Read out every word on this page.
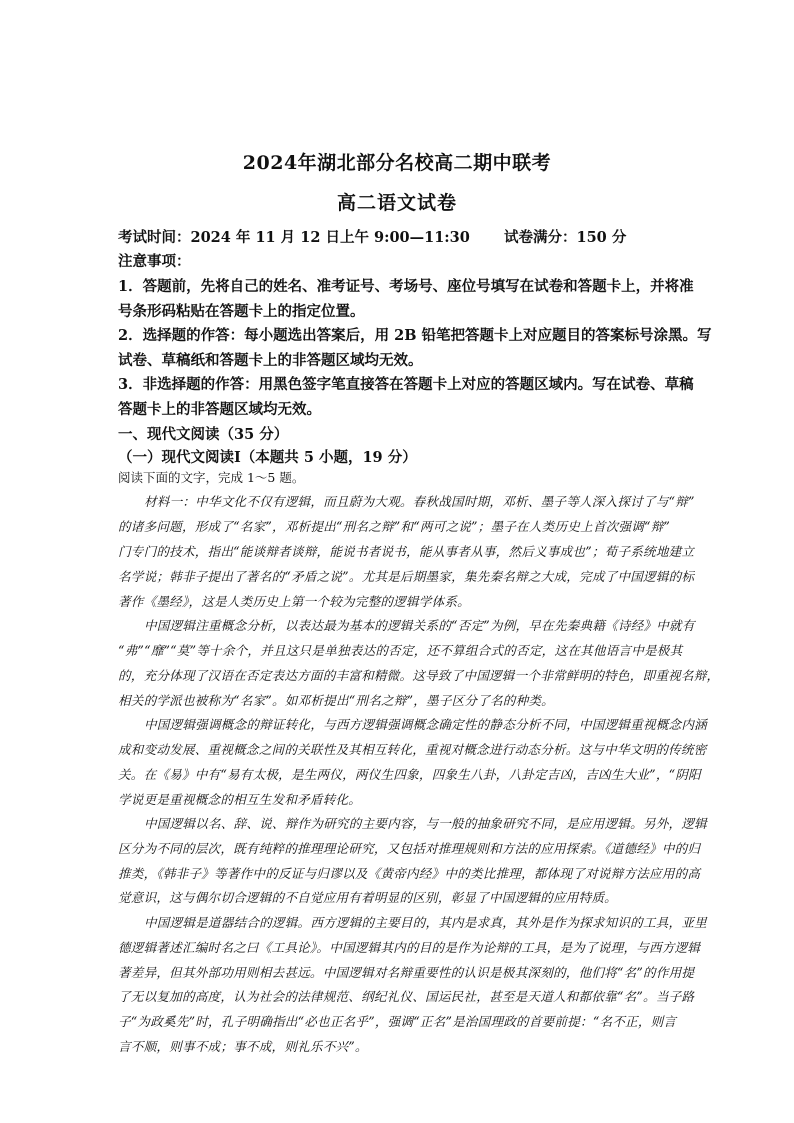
2024年湖北部分名校高二期中联考
高二语文试卷
考试时间：2024 年 11 月 12 日上午 9:00—11:30 试卷满分：150 分
注意事项：
1．答题前，先将自己的姓名、准考证号、考场号、座位号填写在试卷和答题卡上，并将准
号条形码粘贴在答题卡上的指定位置。
2．选择题的作答：每小题选出答案后，用 2B 铅笔把答题卡上对应题目的答案标号涂黑。写
试卷、草稿纸和答题卡上的非答题区域均无效。
3．非选择题的作答：用黑色签字笔直接答在答题卡上对应的答题区域内。写在试卷、草稿
答题卡上的非答题区域均无效。
一、现代文阅读（35 分）
（一）现代文阅读Ⅰ（本题共 5 小题，19 分）
阅读下面的文字，完成 1～5 题。
材料一：中华文化不仅有逻辑，而且蔚为大观。春秋战国时期，邓析、墨子等人深入探讨了与“辩”
的诸多问题，形成了“名家”，邓析提出“刑名之辩”和“两可之说”；墨子在人类历史上首次强调“辩”
门专门的技术，指出“能谈辩者谈辩，能说书者说书，能从事者从事，然后义事成也”；荀子系统地建立
名学说；韩非子提出了著名的“矛盾之说”。尤其是后期墨家，集先秦名辩之大成，完成了中国逻辑的标
著作《墨经》，这是人类历史上第一个较为完整的逻辑学体系。
中国逻辑注重概念分析，以表达最为基本的逻辑关系的“否定”为例，早在先秦典籍《诗经》中就有
“弗”“靡”“莫”等十余个，并且这只是单独表达的否定，还不算组合式的否定，这在其他语言中是极其
的，充分体现了汉语在否定表达方面的丰富和精微。这导致了中国逻辑一个非常鲜明的特色，即重视名辩，
相关的学派也被称为“名家”。如邓析提出“刑名之辩”，墨子区分了名的种类。
中国逻辑强调概念的辩证转化，与西方逻辑强调概念确定性的静态分析不同，中国逻辑重视概念内涵
成和变动发展、重视概念之间的关联性及其相互转化，重视对概念进行动态分析。这与中华文明的传统密
关。在《易》中有“易有太极，是生两仪，两仪生四象，四象生八卦，八卦定吉凶，吉凶生大业”，“阴阳
学说更是重视概念的相互生发和矛盾转化。
中国逻辑以名、辞、说、辩作为研究的主要内容，与一般的抽象研究不同，是应用逻辑。另外，逻辑
区分为不同的层次，既有纯粹的推理理论研究，又包括对推理规则和方法的应用探索。《道德经》中的归
推类，《韩非子》等著作中的反证与归谬以及《黄帝内经》中的类比推理，都体现了对说辩方法应用的高
觉意识，这与偶尔切合逻辑的不自觉应用有着明显的区别，彰显了中国逻辑的应用特质。
中国逻辑是道器结合的逻辑。西方逻辑的主要目的，其内是求真，其外是作为探求知识的工具，亚里
德逻辑著述汇编时名之曰《工具论》。中国逻辑其内的目的是作为论辩的工具，是为了说理，与西方逻辑
著差异，但其外部功用则相去甚远。中国逻辑对名辩重要性的认识是极其深刻的，他们将“名”的作用提
了无以复加的高度，认为社会的法律规范、纲纪礼仪、国运民社，甚至是天道人和都依靠“名”。当子路
子“为政奚先”时，孔子明确指出“必也正名乎”，强调“正名”是治国理政的首要前提：“名不正，则言
言不顺，则事不成；事不成，则礼乐不兴”。
